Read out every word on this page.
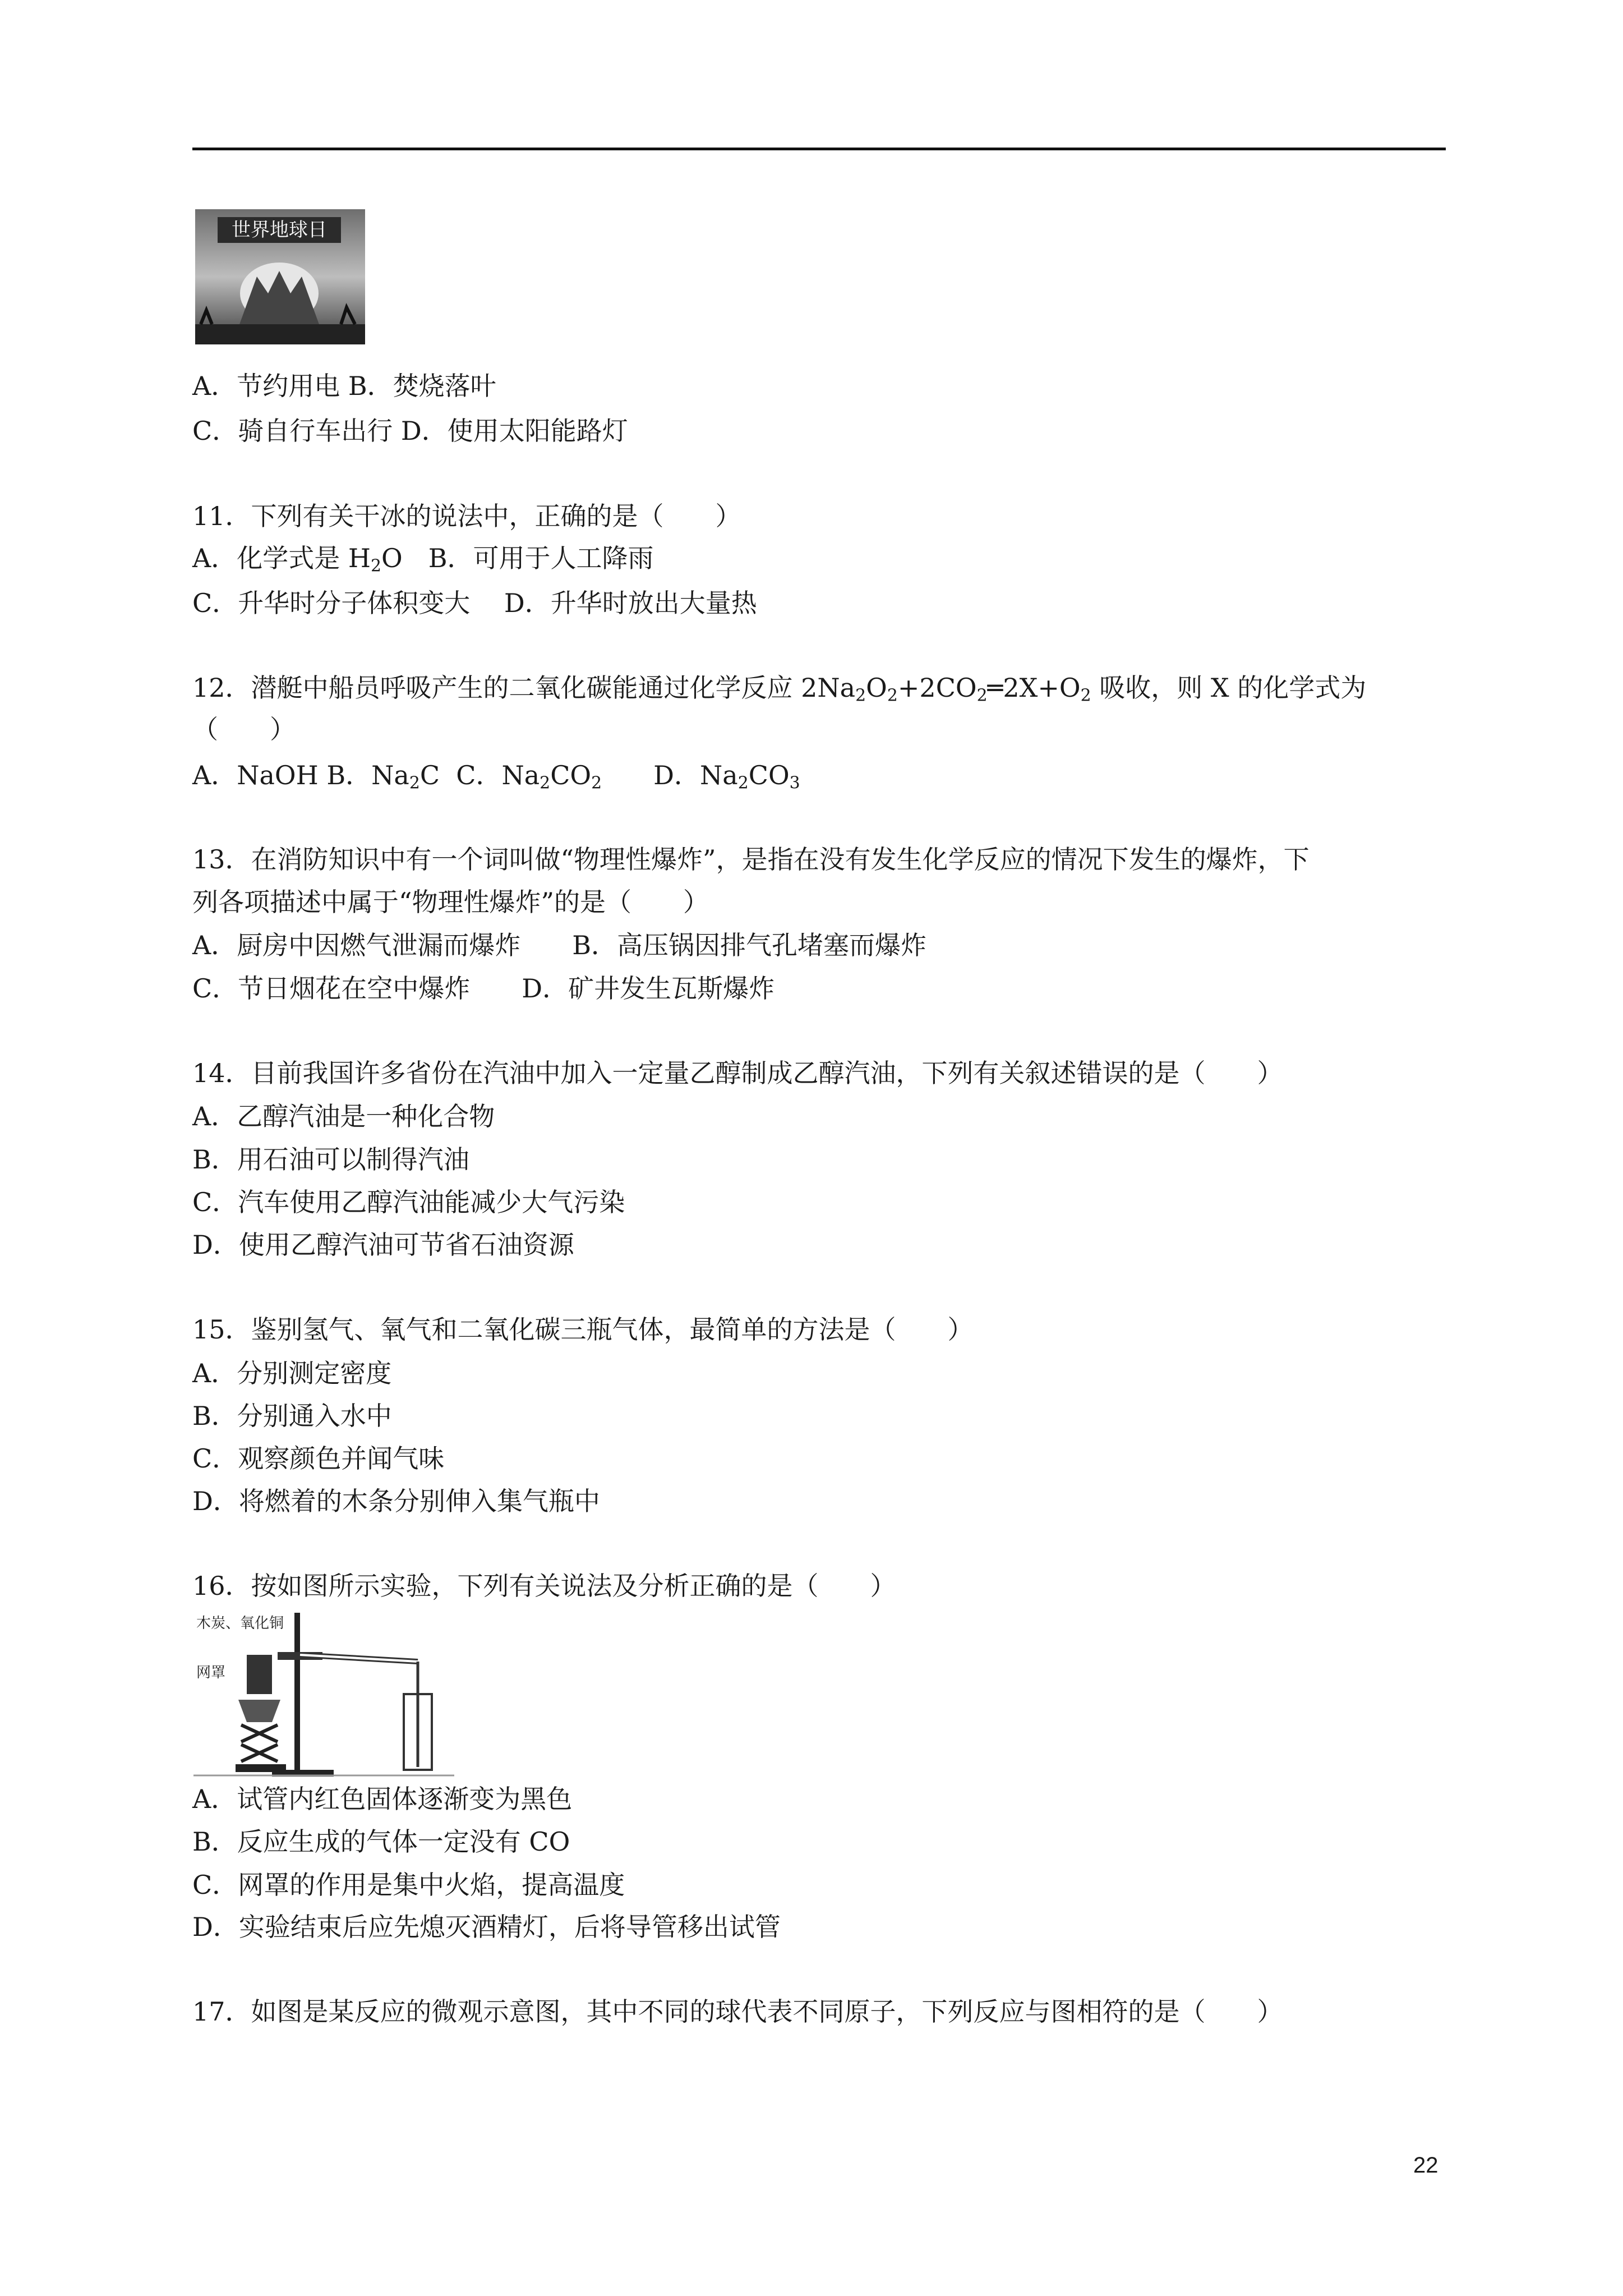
世界地球日
A．节约用电 B．焚烧落叶
C．骑自行车出行 D．使用太阳能路灯
11．下列有关干冰的说法中，正确的是（　　）
A．化学式是 $H_2O$　B．可用于人工降雨
C．升华时分子体积变大　 D．升华时放出大量热
12．潜艇中船员呼吸产生的二氧化碳能通过化学反应 $2Na_2O_2+2CO_2═2X+O_2$ 吸收，则 X 的化学式为
（　　）
A．NaOH B．$Na_2C$  C．$Na_2CO_2$　　D．$Na_2CO_3$
13．在消防知识中有一个词叫做“物理性爆炸”，是指在没有发生化学反应的情况下发生的爆炸，下
列各项描述中属于“物理性爆炸”的是（　　）
A．厨房中因燃气泄漏而爆炸　　B．高压锅因排气孔堵塞而爆炸
C．节日烟花在空中爆炸　　D．矿井发生瓦斯爆炸
14．目前我国许多省份在汽油中加入一定量乙醇制成乙醇汽油，下列有关叙述错误的是（　　）
A．乙醇汽油是一种化合物
B．用石油可以制得汽油
C．汽车使用乙醇汽油能减少大气污染
D．使用乙醇汽油可节省石油资源
15．鉴别氢气、氧气和二氧化碳三瓶气体，最简单的方法是（　　）
A．分别测定密度
B．分别通入水中
C．观察颜色并闻气味
D．将燃着的木条分别伸入集气瓶中
16．按如图所示实验，下列有关说法及分析正确的是（　　）
木炭、氧化铜
网罩
A．试管内红色固体逐渐变为黑色
B．反应生成的气体一定没有 CO
C．网罩的作用是集中火焰，提高温度
D．实验结束后应先熄灭酒精灯，后将导管移出试管
17．如图是某反应的微观示意图，其中不同的球代表不同原子，下列反应与图相符的是（　　）
22
